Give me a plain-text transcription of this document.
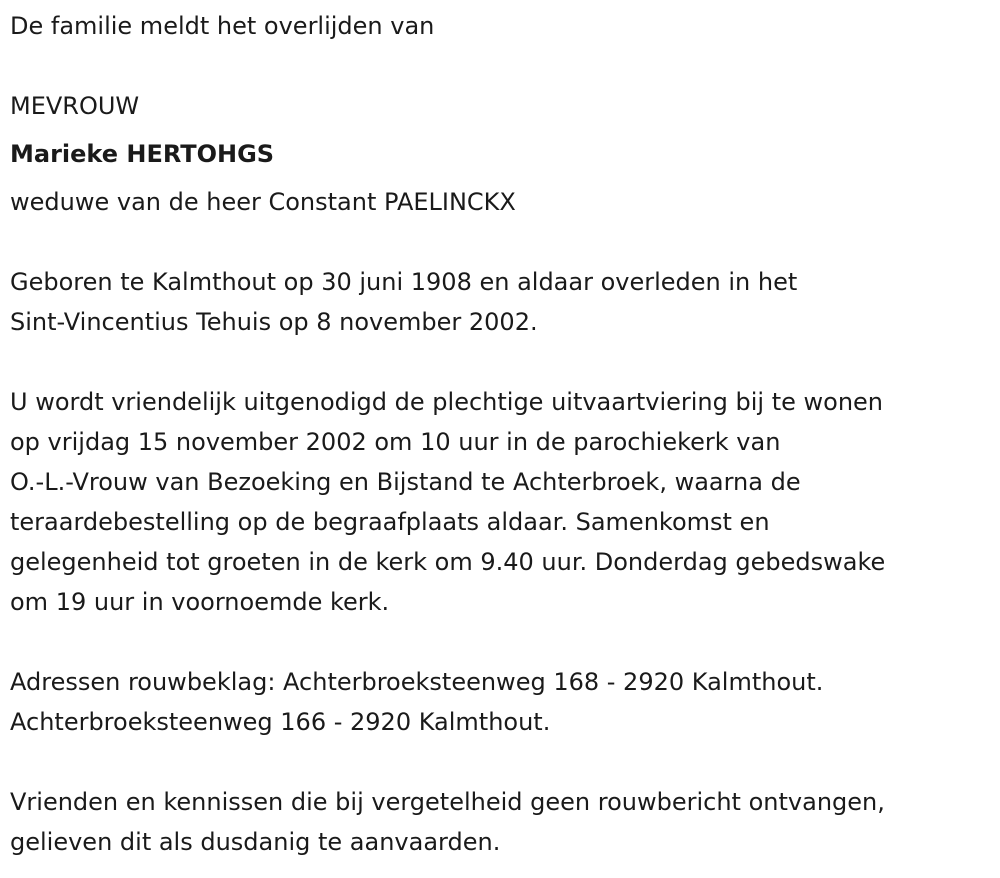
De familie meldt het overlijden van

MEVROUW

Marieke HERTOHGS

weduwe van de heer Constant PAELINCKX

Geboren te Kalmthout op 30 juni 1908 en aldaar overleden in het

Sint-Vincentius Tehuis op 8 november 2002.

U wordt vriendelijk uitgenodigd de plechtige uitvaartviering bij te wonen

op vrijdag 15 november 2002 om 10 uur in de parochiekerk van

O.-L.-Vrouw van Bezoeking en Bijstand te Achterbroek, waarna de

teraardebestelling op de begraafplaats aldaar. Samenkomst en

gelegenheid tot groeten in de kerk om 9.40 uur. Donderdag gebedswake

om 19 uur in voornoemde kerk.

Adressen rouwbeklag: Achterbroeksteenweg 168 - 2920 Kalmthout.

Achterbroeksteenweg 166 - 2920 Kalmthout.

Vrienden en kennissen die bij vergetelheid geen rouwbericht ontvangen,

gelieven dit als dusdanig te aanvaarden.
